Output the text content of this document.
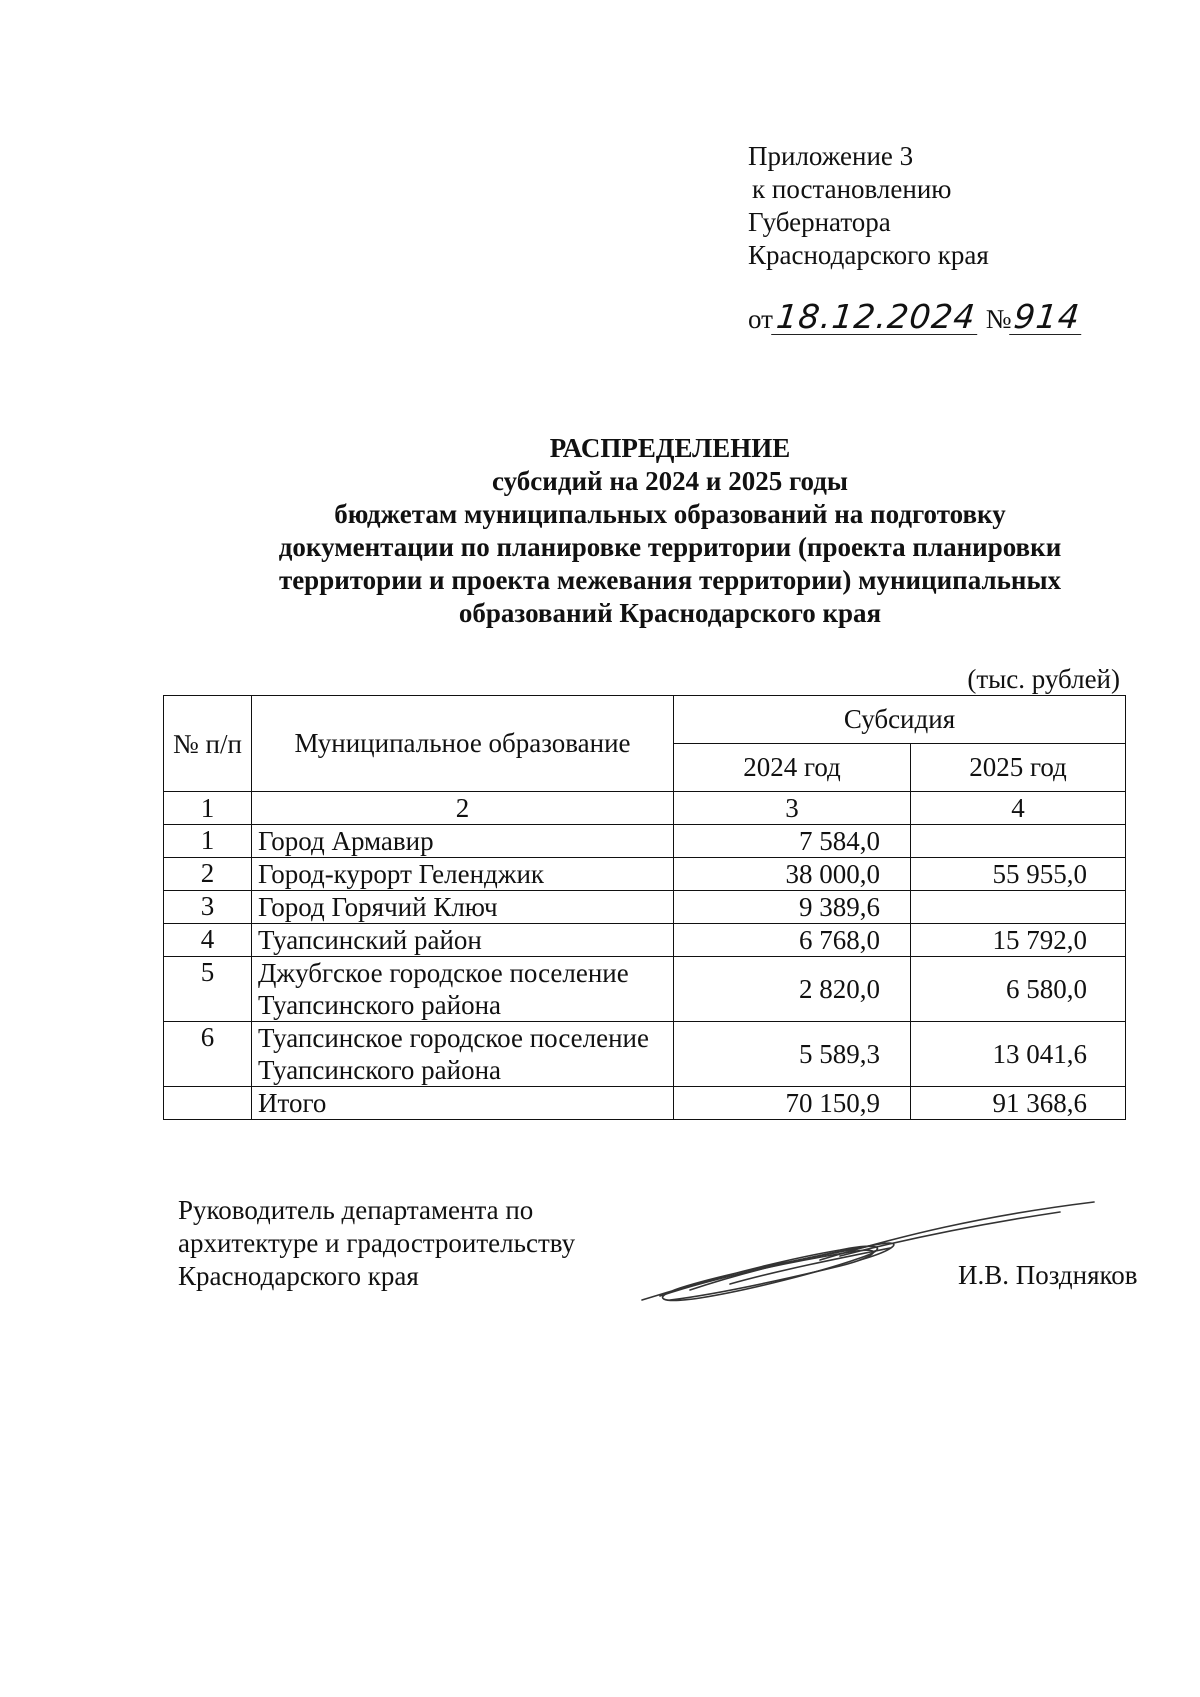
Приложение 3
к постановлению
Губернатора
Краснодарского края
от18.12.2024 №914
РАСПРЕДЕЛЕНИЕ
субсидий на 2024 и 2025 годы
бюджетам муниципальных образований на подготовку
документации по планировке территории (проекта планировки
территории и проекта межевания территории) муниципальных
образований Краснодарского края
(тыс. рублей)
№ п/п	Муниципальное образование	Субсидия	
		2024 год	2025 год
1	2	3	4
1	Город Армавир	7 584,0	
2	Город-курорт Геленджик	38 000,0	55 955,0
3	Город Горячий Ключ	9 389,6	
4	Туапсинский район	6 768,0	15 792,0
5	Джубгское городское поселение
Туапсинского района	2 820,0	6 580,0
6	Туапсинское городское поселение
Туапсинского района	5 589,3	13 041,6
	Итого	70 150,9	91 368,6
Руководитель департамента по
архитектуре и градостроительству
Краснодарского края	И.В. Поздняков
